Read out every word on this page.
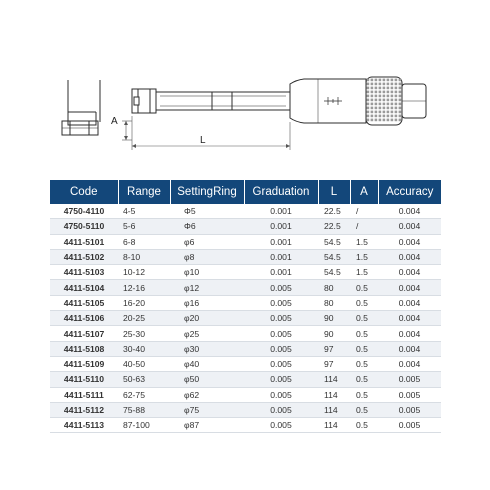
A
L
Code	Range	SettingRing	Graduation	L	A	Accuracy
4750-4110	4-5	Φ5	0.001	22.5	/	0.004
4750-5110	5-6	Φ6	0.001	22.5	/	0.004
4411-5101	6-8	φ6	0.001	54.5	1.5	0.004
4411-5102	8-10	φ8	0.001	54.5	1.5	0.004
4411-5103	10-12	φ10	0.001	54.5	1.5	0.004
4411-5104	12-16	φ12	0.005	80	0.5	0.004
4411-5105	16-20	φ16	0.005	80	0.5	0.004
4411-5106	20-25	φ20	0.005	90	0.5	0.004
4411-5107	25-30	φ25	0.005	90	0.5	0.004
4411-5108	30-40	φ30	0.005	97	0.5	0.004
4411-5109	40-50	φ40	0.005	97	0.5	0.004
4411-5110	50-63	φ50	0.005	114	0.5	0.005
4411-5111	62-75	φ62	0.005	114	0.5	0.005
4411-5112	75-88	φ75	0.005	114	0.5	0.005
4411-5113	87-100	φ87	0.005	114	0.5	0.005
